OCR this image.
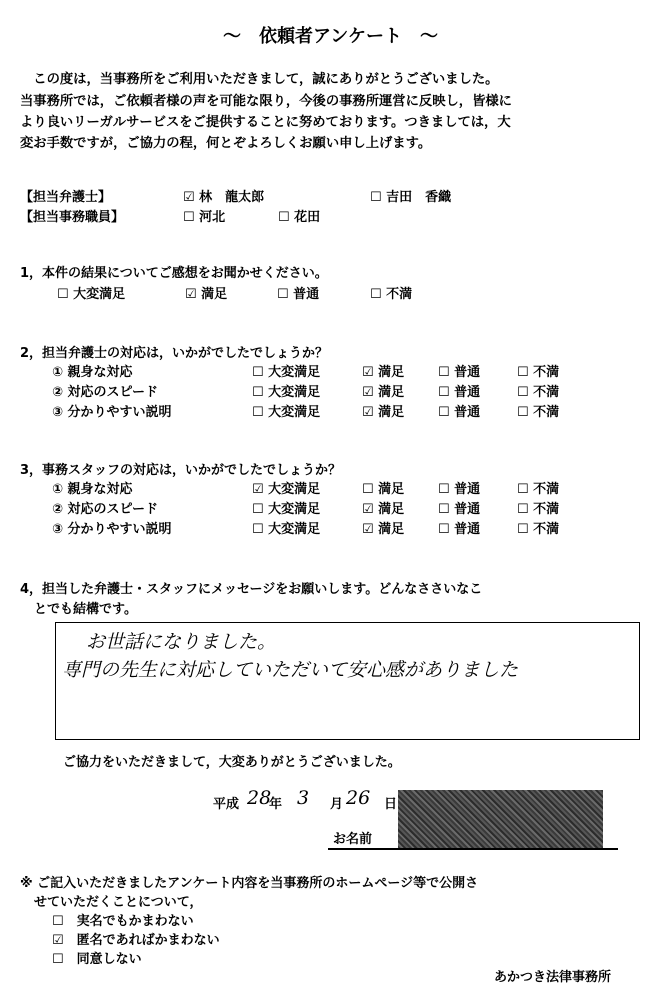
～　依頼者アンケート　～
　この度は，当事務所をご利用いただきまして，誠にありがとうございました。
当事務所では，ご依頼者様の声を可能な限り，今後の事務所運営に反映し，皆様に
より良いリーガルサービスをご提供することに努めております。つきましては，大
変お手数ですが，ご協力の程，何とぞよろしくお願い申し上げます。
【担当弁護士】	☑ 林　龍太郎	☐ 吉田　香織
【担当事務職員】	☐ 河北	☐ 花田
1，本件の結果についてご感想をお聞かせください。
☐ 大変満足	☑ 満足	☐ 普通	☐ 不満
2，担当弁護士の対応は，いかがでしたでしょうか？
① 親身な対応	☐ 大変満足	☑ 満足	☐ 普通	☐ 不満
② 対応のスピード	☐ 大変満足	☑ 満足	☐ 普通	☐ 不満
③ 分かりやすい説明	☐ 大変満足	☑ 満足	☐ 普通	☐ 不満
3，事務スタッフの対応は，いかがでしたでしょうか？
① 親身な対応	☑ 大変満足	☐ 満足	☐ 普通	☐ 不満
② 対応のスピード	☐ 大変満足	☑ 満足	☐ 普通	☐ 不満
③ 分かりやすい説明	☐ 大変満足	☑ 満足	☐ 普通	☐ 不満
4，担当した弁護士・スタッフにメッセージをお願いします。どんなささいなこ
とでも結構です。
お世話になりました。
専門の先生に対応していただいて安心感がありました
ご協力をいただきまして，大変ありがとうございました。
平成 28
年 3 月 26 日
お名前
※ ご記入いただきましたアンケート内容を当事務所のホームページ等で公開さ
せていただくことについて，
☐　実名でもかまわない
☑　匿名であればかまわない
☐　同意しない
あかつき法律事務所
